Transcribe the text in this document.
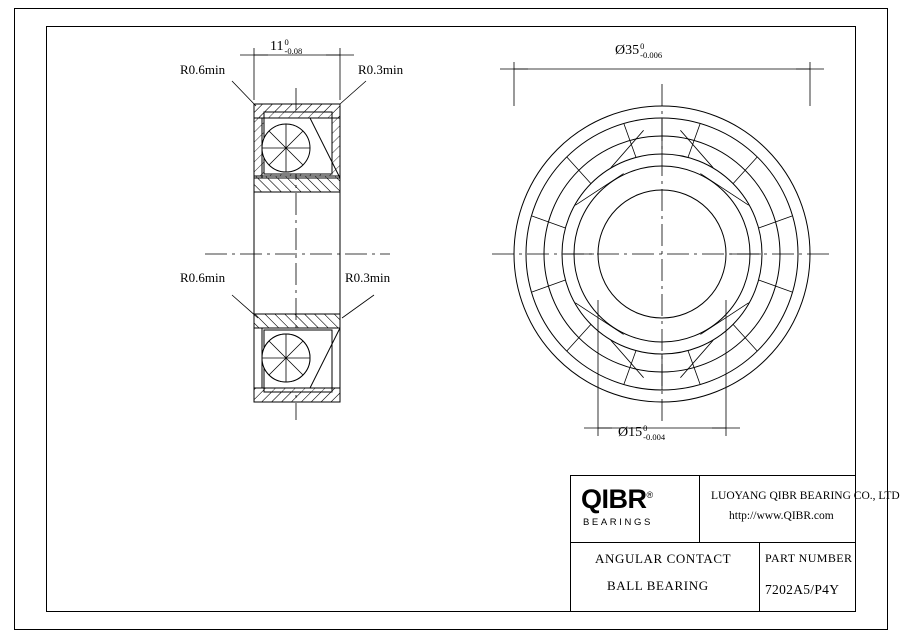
11 0
-0.08	Ø35 0
-0.006
Ø15 0
-0.004
R0.6min	R0.3min
R0.6min	R0.3min
QIBR®
BEARINGS
LUOYANG QIBR BEARING CO., LTD
http://www.QIBR.com
ANGULAR CONTACT
BALL BEARING
PART NUMBER
7202A5/P4Y
